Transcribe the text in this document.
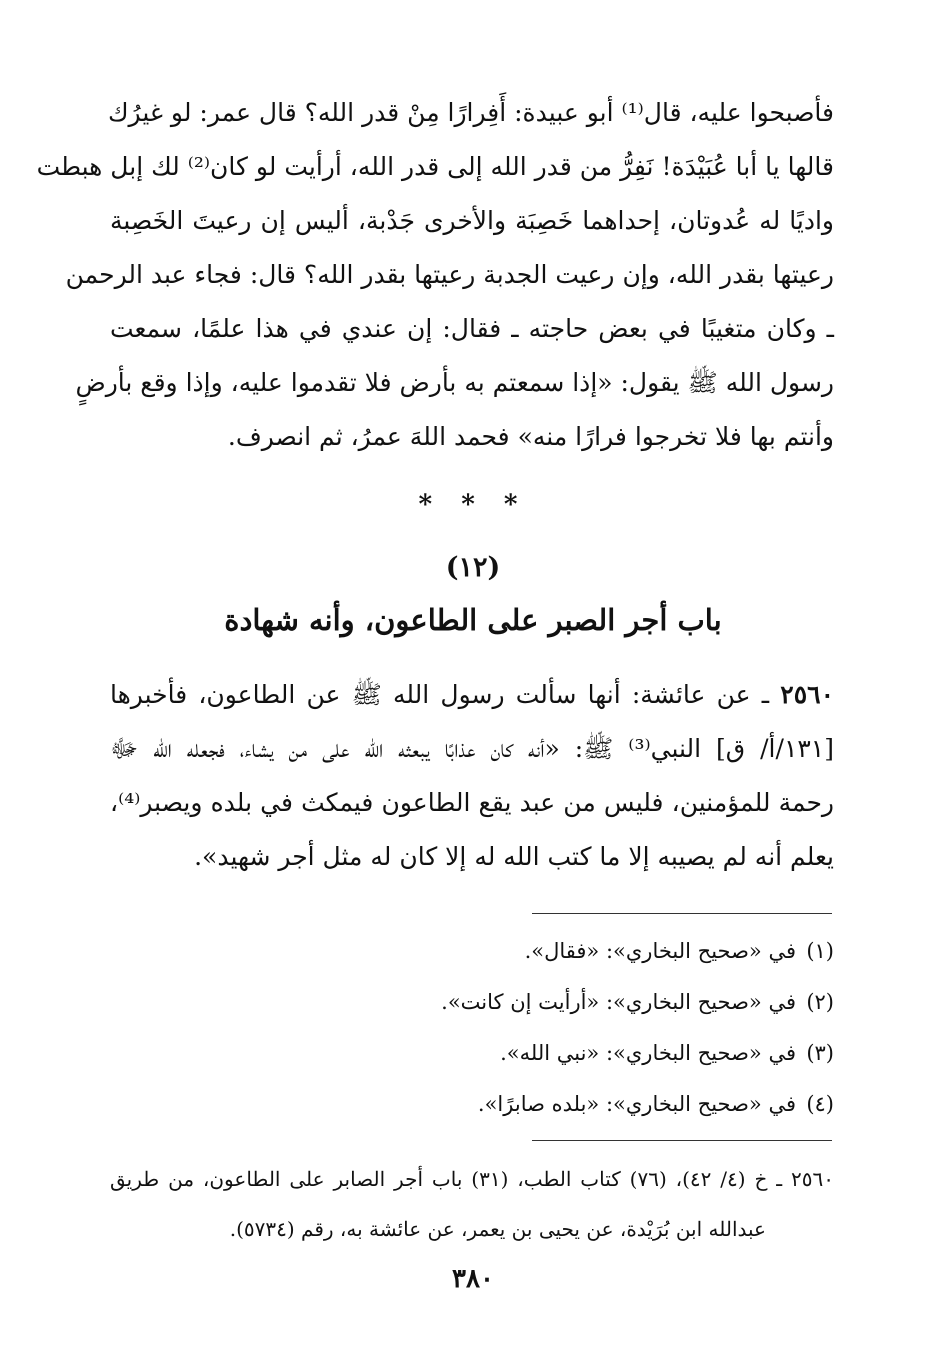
فأصبحوا عليه، قال⁽¹⁾ أبو عبيدة: أَفِرارًا مِنْ قدر الله؟ قال عمر: لو غيرُك
قالها يا أبا عُبَيْدَة! نَفِرُّ من قدر الله إلى قدر الله، أرأيت لو كان⁽²⁾ لك إبل هبطت
واديًا له عُدوتان، إحداهما خَصِبَة والأخرى جَدْبة، أليس إن رعيتَ الخَصِبة
رعيتها بقدر الله، وإن رعيت الجدبة رعيتها بقدر الله؟ قال: فجاء عبد الرحمن
ـ وكان متغيبًا في بعض حاجته ـ فقال: إن عندي في هذا علمًا، سمعت
رسول الله ﷺ يقول: «إذا سمعتم به بأرض فلا تقدموا عليه، وإذا وقع بأرضٍ
وأنتم بها فلا تخرجوا فرارًا منه» فحمد اللهَ عمرُ، ثم انصرف.
* * *
(١٢)
باب أجر الصبر على الطاعون، وأنه شهادة
٢٥٦٠ ـ عن عائشة: أنها سألت رسول الله ﷺ عن الطاعون، فأخبرها
[١٣١/أ/ ق] النبي⁽³⁾ ﷺ: «أنه كان عذابًا يبعثه الله على من يشاء، فجعله الله ﷻ
رحمة للمؤمنين، فليس من عبد يقع الطاعون فيمكث في بلده ويصبر⁽⁴⁾،
يعلم أنه لم يصيبه إلا ما كتب الله له إلا كان له مثل أجر شهيد».
(١)في «صحيح البخاري»: «فقال».
(٢)في «صحيح البخاري»: «أرأيت إن كانت».
(٣)في «صحيح البخاري»: «نبي الله».
(٤)في «صحيح البخاري»: «بلده صابرًا».
٢٥٦٠ ـ خ (٤/ ٤٢)، (٧٦) كتاب الطب، (٣١) باب أجر الصابر على الطاعون، من طريق
عبدالله ابن بُرَيْدة، عن يحيى بن يعمر، عن عائشة به، رقم (٥٧٣٤).
٣٨٠
